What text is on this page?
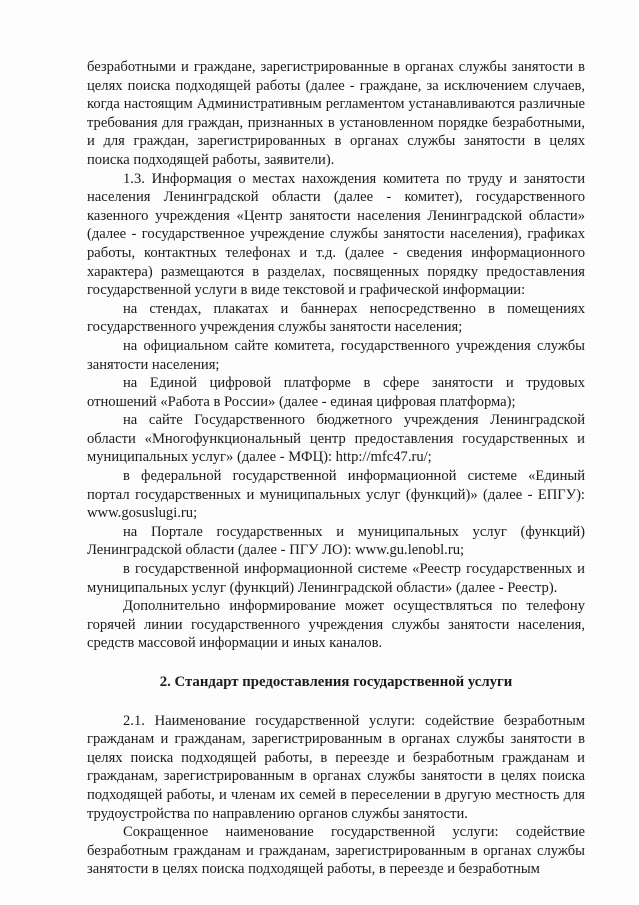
безработными и граждане, зарегистрированные в органах службы занятости в целях поиска подходящей работы (далее - граждане, за исключением случаев, когда настоящим Административным регламентом устанавливаются различные требования для граждан, признанных в установленном порядке безработными, и для граждан, зарегистрированных в органах службы занятости в целях поиска подходящей работы, заявители).

1.3. Информация о местах нахождения комитета по труду и занятости населения Ленинградской области (далее - комитет), государственного казенного учреждения «Центр занятости населения Ленинградской области» (далее - государственное учреждение службы занятости населения), графиках работы, контактных телефонах и т.д. (далее - сведения информационного характера) размещаются в разделах, посвященных порядку предоставления государственной услуги в виде текстовой и графической информации:

на стендах, плакатах и баннерах непосредственно в помещениях государственного учреждения службы занятости населения;

на официальном сайте комитета, государственного учреждения службы занятости населения;

на Единой цифровой платформе в сфере занятости и трудовых отношений «Работа в России» (далее - единая цифровая платформа);

на сайте Государственного бюджетного учреждения Ленинградской области «Многофункциональный центр предоставления государственных и муниципальных услуг» (далее - МФЦ): http://mfc47.ru/;

в федеральной государственной информационной системе «Единый портал государственных и муниципальных услуг (функций)» (далее - ЕПГУ): www.gosuslugi.ru;

на Портале государственных и муниципальных услуг (функций) Ленинградской области (далее - ПГУ ЛО): www.gu.lenobl.ru;

в государственной информационной системе «Реестр государственных и муниципальных услуг (функций) Ленинградской области» (далее - Реестр).

Дополнительно информирование может осуществляться по телефону горячей линии государственного учреждения службы занятости населения, средств массовой информации и иных каналов.

2. Стандарт предоставления государственной услуги

2.1. Наименование государственной услуги: содействие безработным гражданам и гражданам, зарегистрированным в органах службы занятости в целях поиска подходящей работы, в переезде и безработным гражданам и гражданам, зарегистрированным в органах службы занятости в целях поиска подходящей работы, и членам их семей в переселении в другую местность для трудоустройства по направлению органов службы занятости.

Сокращенное наименование государственной услуги: содействие безработным гражданам и гражданам, зарегистрированным в органах службы занятости в целях поиска подходящей работы, в переезде и безработным
